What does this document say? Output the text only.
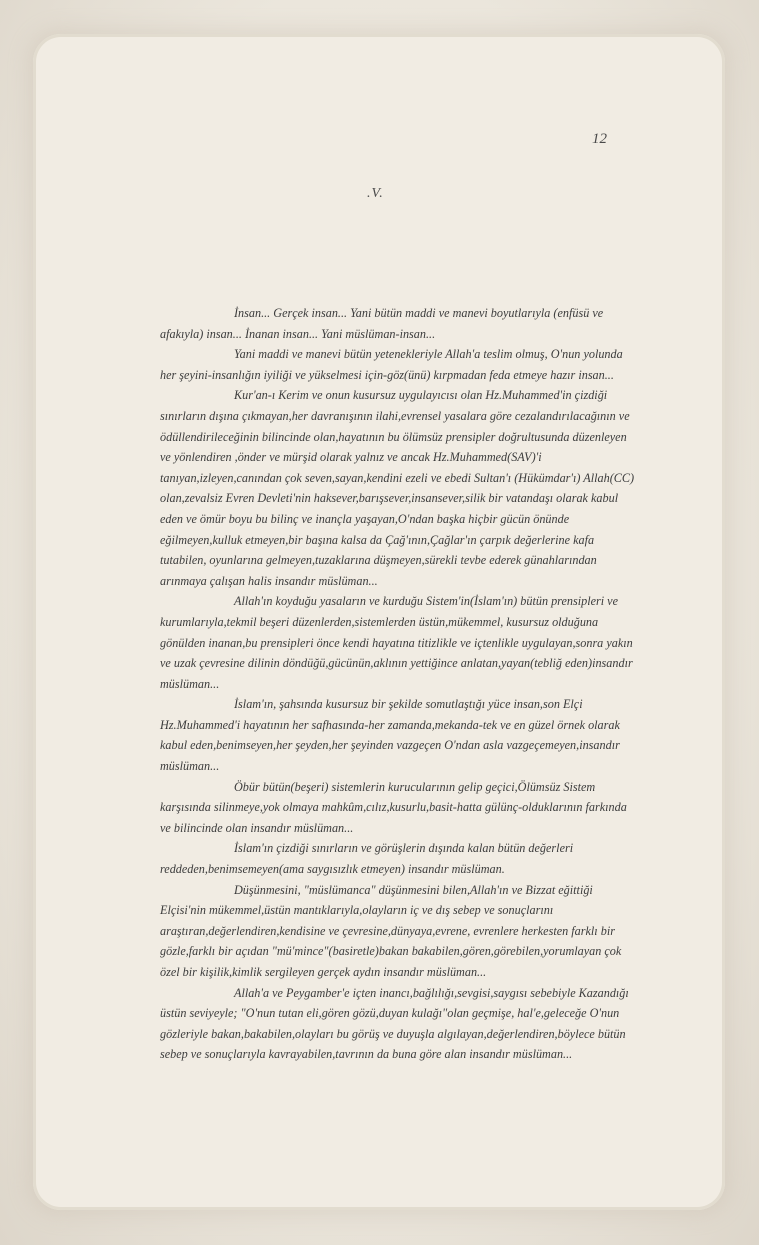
12
.V.

İnsan... Gerçek insan... Yani bütün maddi ve manevi boyutlarıyla (enfüsü ve afakıyla) insan... İnanan insan... Yani müslüman-insan...

Yani maddi ve manevi bütün yetenekleriyle Allah'a teslim olmuş, O'nun yolunda her şeyini-insanlığın iyiliği ve yükselmesi için-göz(ünü) kırpmadan feda etmeye hazır insan...

Kur'an-ı Kerim ve onun kusursuz uygulayıcısı olan Hz.Muhammed'in çizdiği sınırların dışına çıkmayan,her davranışının ilahi,evrensel yasalara göre cezalandırılacağının ve ödüllendirileceğinin bilincinde olan,hayatının bu ölümsüz prensipler doğrultusunda düzenleyen ve yönlendiren ,önder ve mürşid olarak yalnız ve ancak Hz.Muhammed(SAV)'i tanıyan,izleyen,canından çok seven,sayan,kendini ezeli ve ebedi Sultan'ı (Hükümdar'ı) Allah(CC) olan,zevalsiz Evren Devleti'nin haksever,barışsever,insansever,silik bir vatandaşı olarak kabul eden ve ömür boyu bu bilinç ve inançla yaşayan,O'ndan başka hiçbir gücün önünde eğilmeyen,kulluk etmeyen,bir başına kalsa da Çağ'ının,Çağlar'ın çarpık değerlerine kafa tutabilen, oyunlarına gelmeyen,tuzaklarına düşmeyen,sürekli tevbe ederek günahlarından arınmaya çalışan halis insandır müslüman...

Allah'ın koyduğu yasaların ve kurduğu Sistem'in(İslam'ın) bütün prensipleri ve kurumlarıyla,tekmil beşeri düzenlerden,sistemlerden üstün,mükemmel, kusursuz olduğuna gönülden inanan,bu prensipleri önce kendi hayatına titizlikle ve içtenlikle uygulayan,sonra yakın ve uzak çevresine dilinin döndüğü,gücünün,aklının yettiğince anlatan,yayan(tebliğ eden)insandır müslüman...

İslam'ın, şahsında kusursuz bir şekilde somutlaştığı yüce insan,son Elçi Hz.Muhammed'i hayatının her safhasında-her zamanda,mekanda-tek ve en güzel örnek olarak kabul eden,benimseyen,her şeyden,her şeyinden vazgeçen O'ndan asla vazgeçemeyen,insandır müslüman...

Öbür bütün(beşeri) sistemlerin kurucularının gelip geçici,Ölümsüz Sistem karşısında silinmeye,yok olmaya mahkûm,cılız,kusurlu,basit-hatta gülünç-olduklarının farkında ve bilincinde olan insandır müslüman...

İslam'ın çizdiği sınırların ve görüşlerin dışında kalan bütün değerleri reddeden,benimsemeyen(ama saygısızlık etmeyen) insandır müslüman.

Düşünmesini, "müslümanca" düşünmesini bilen,Allah'ın ve Bizzat eğittiği Elçisi'nin mükemmel,üstün mantıklarıyla,olayların iç ve dış sebep ve sonuçlarını araştıran,değerlendiren,kendisine ve çevresine,dünyaya,evrene, evrenlere herkesten farklı bir gözle,farklı bir açıdan "mü'mince"(basiretle)bakan bakabilen,gören,görebilen,yorumlayan çok özel bir kişilik,kimlik sergileyen gerçek aydın insandır müslüman...

Allah'a ve Peygamber'e içten inancı,bağlılığı,sevgisi,saygısı sebebiyle Kazandığı üstün seviyeyle; "O'nun tutan eli,gören gözü,duyan kulağı"olan geçmişe, hal'e,geleceğe O'nun gözleriyle bakan,bakabilen,olayları bu görüş ve duyuşla algılayan,değerlendiren,böylece bütün sebep ve sonuçlarıyla kavrayabilen,tavrının da buna göre alan insandır müslüman...
